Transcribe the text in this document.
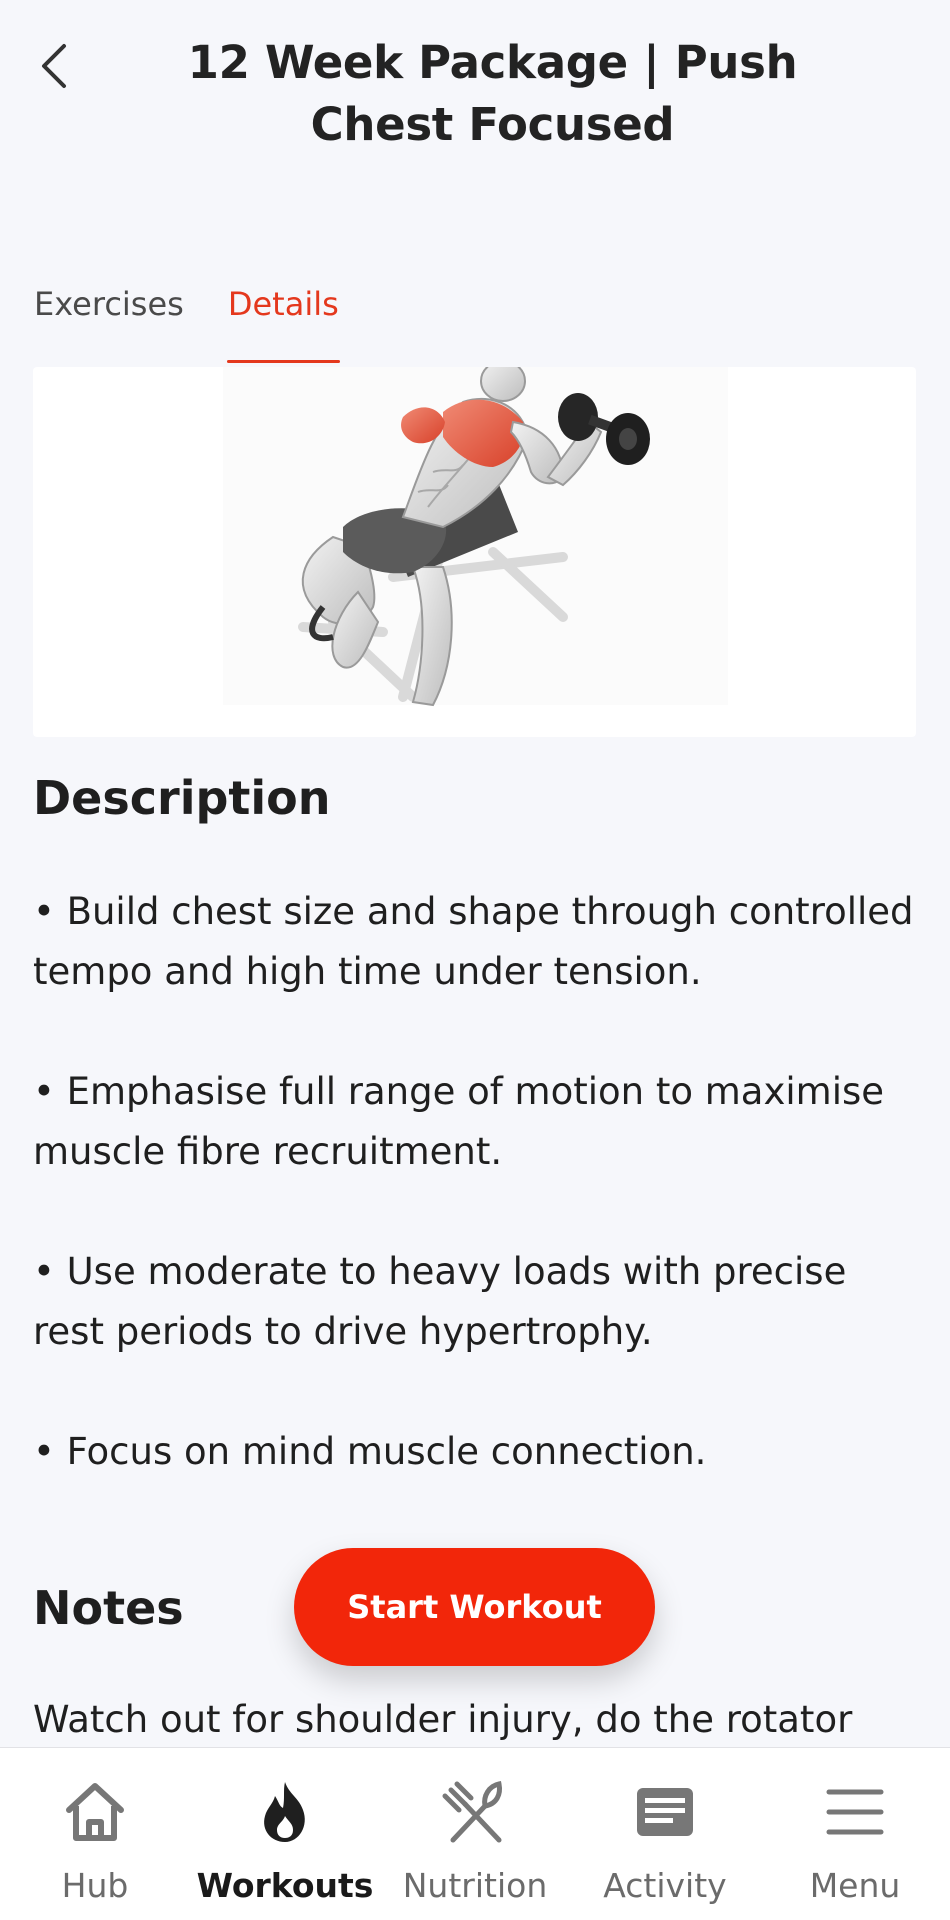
12 Week Package | Push Chest Focused
Exercises Details
Description
• Build chest size and shape through controlled tempo and high time under tension.
• Emphasise full range of motion to maximise muscle fibre recruitment.
• Use moderate to heavy loads with precise rest periods to drive hypertrophy.
• Focus on mind muscle connection.
Notes

Watch out for shoulder injury, do the rotator

Start Workout
Hub Workouts Nutrition Activity	Menu
